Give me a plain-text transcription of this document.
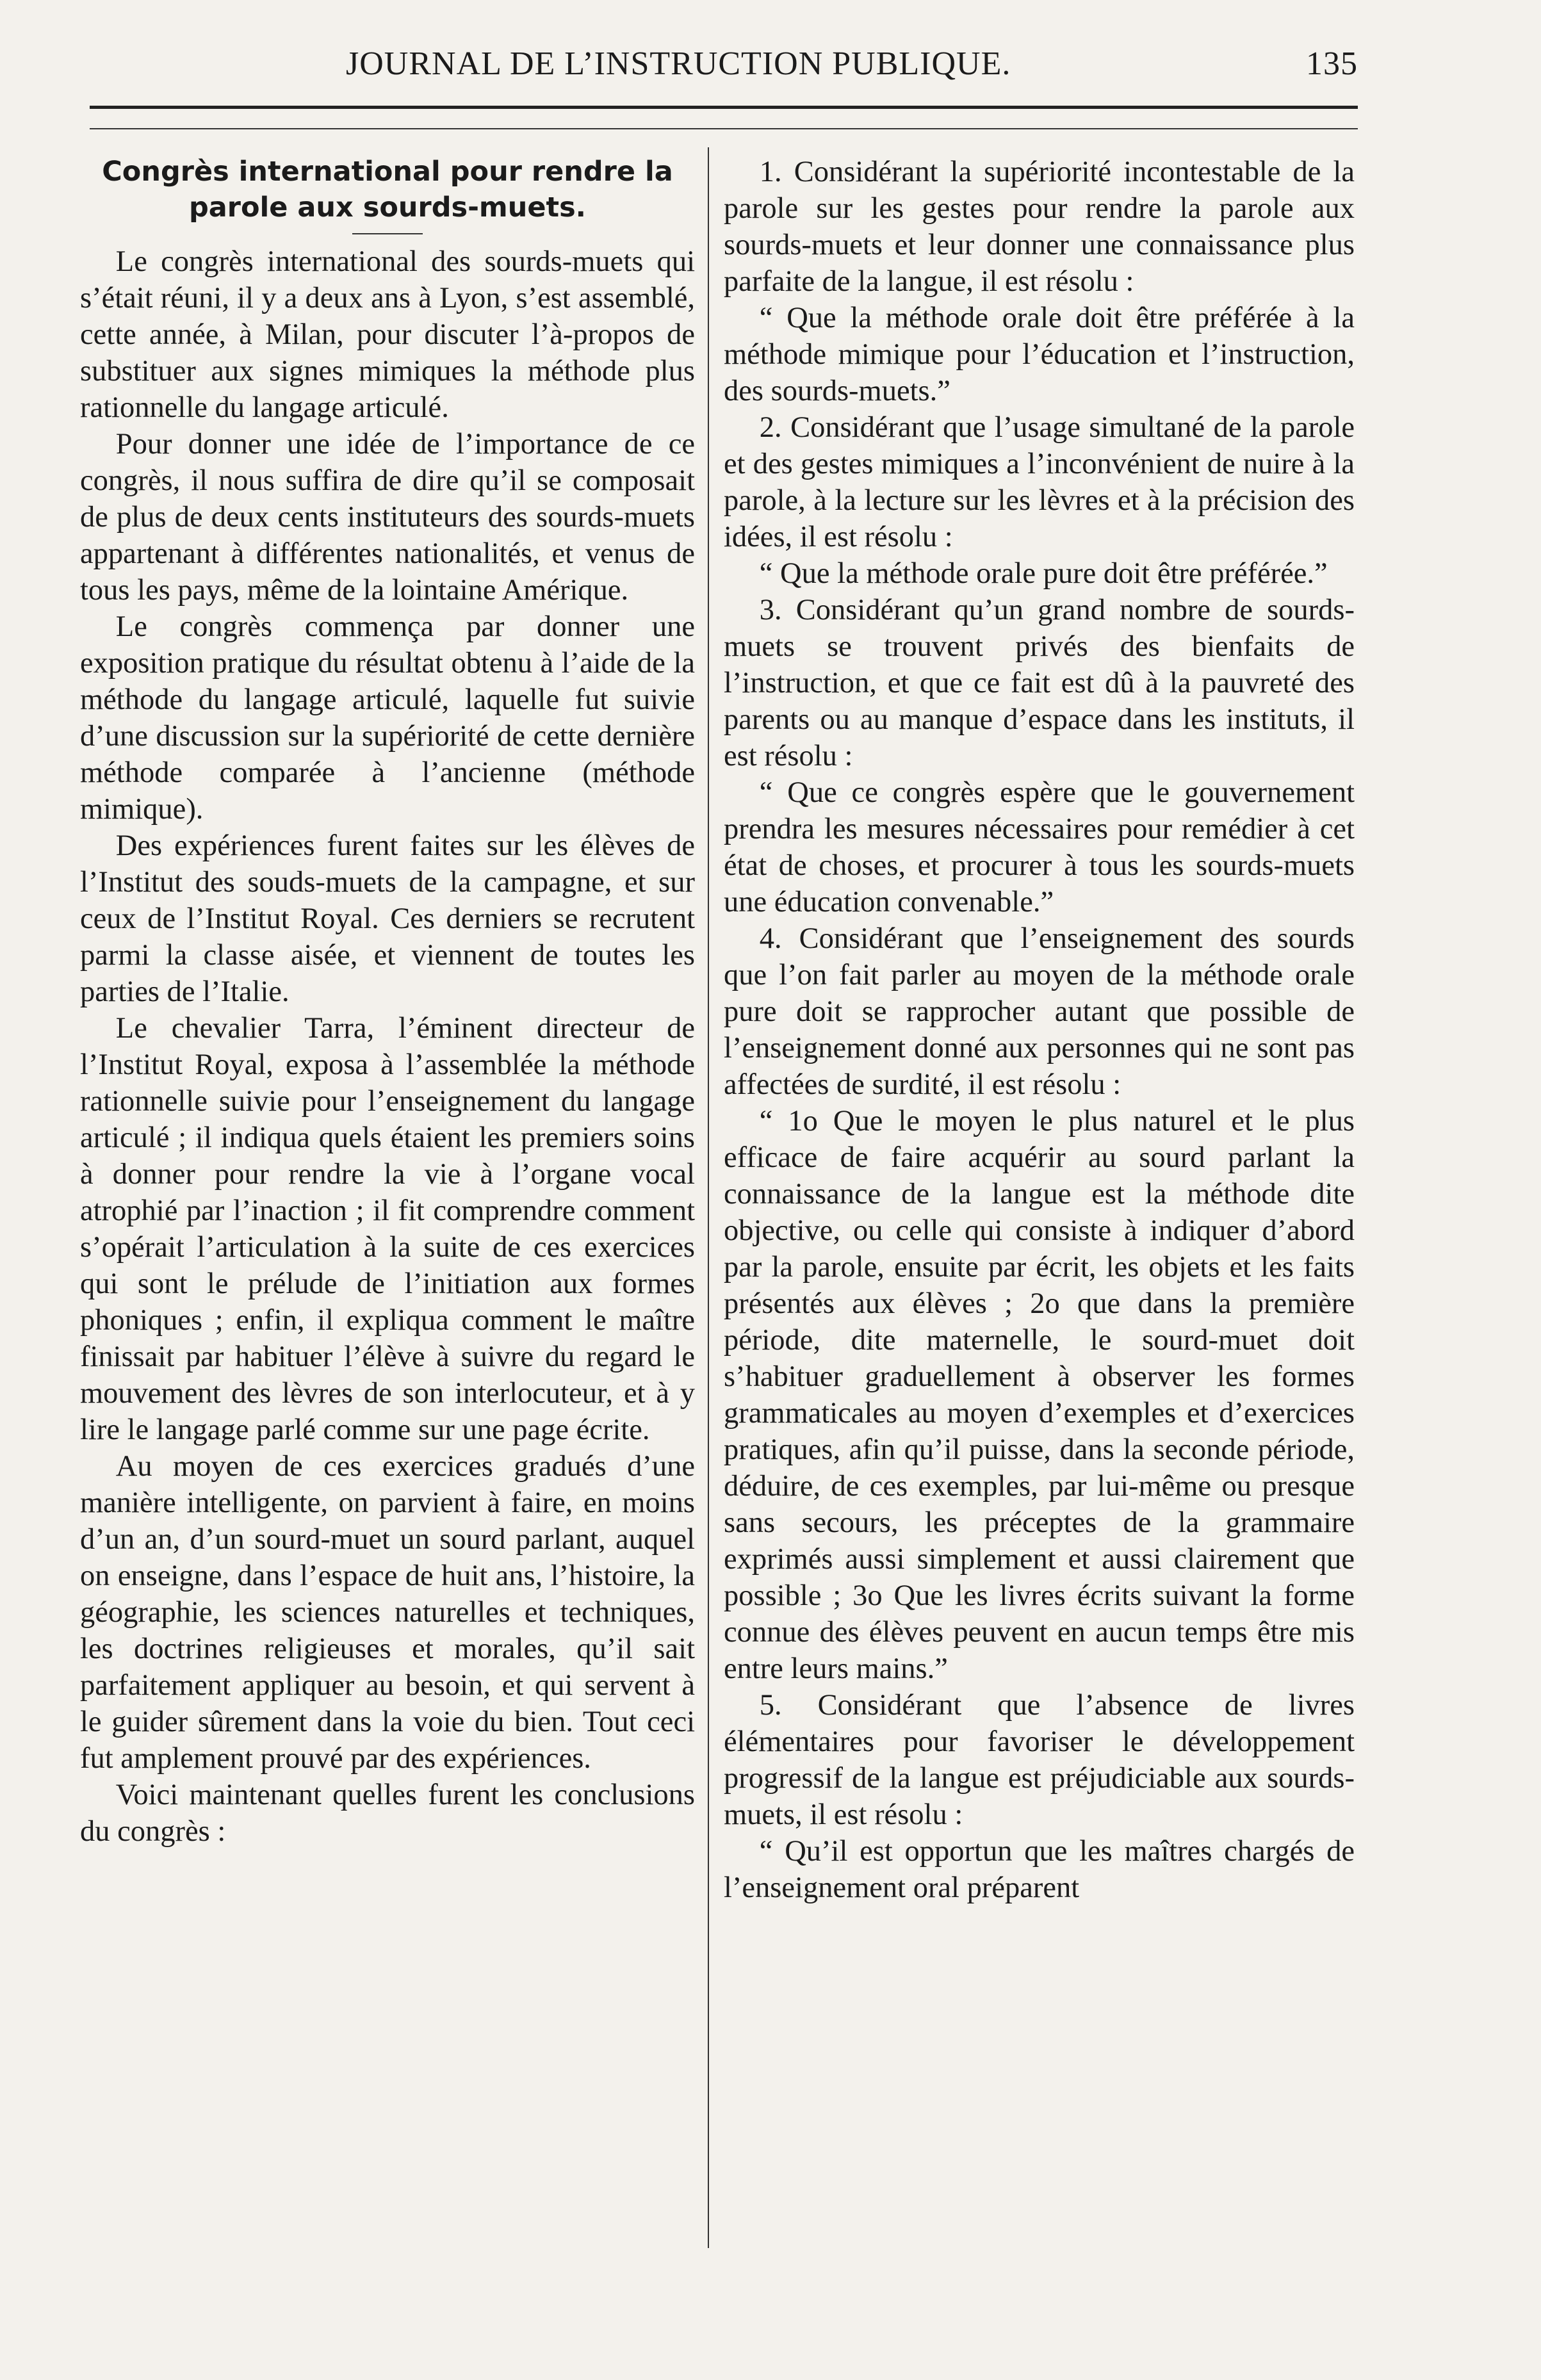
JOURNAL DE L’INSTRUCTION PUBLIQUE.	135
Congrès international pour rendre la parole aux sourds-muets.

Le congrès international des sourds-muets qui s’était réuni, il y a deux ans à Lyon, s’est assemblé, cette année, à Milan, pour discuter l’à-propos de substituer aux signes mimiques la méthode plus rationnelle du langage articulé.

Pour donner une idée de l’importance de ce congrès, il nous suffira de dire qu’il se composait de plus de deux cents instituteurs des sourds-muets appartenant à différentes nationalités, et venus de tous les pays, même de la lointaine Amérique.

Le congrès commença par donner une exposition pratique du résultat obtenu à l’aide de la méthode du langage articulé, laquelle fut suivie d’une discussion sur la supériorité de cette dernière méthode comparée à l’ancienne (méthode mimique).

Des expériences furent faites sur les élèves de l’Institut des souds-muets de la campagne, et sur ceux de l’Institut Royal. Ces derniers se recrutent parmi la classe aisée, et viennent de toutes les parties de l’Italie.

Le chevalier Tarra, l’éminent directeur de l’Institut Royal, exposa à l’assemblée la méthode rationnelle suivie pour l’enseignement du langage articulé ; il indiqua quels étaient les premiers soins à donner pour rendre la vie à l’organe vocal atrophié par l’inaction ; il fit comprendre comment s’opérait l’articulation à la suite de ces exercices qui sont le prélude de l’initiation aux formes phoniques ; enfin, il expliqua comment le maître finissait par habituer l’élève à suivre du regard le mouvement des lèvres de son interlocuteur, et à y lire le langage parlé comme sur une page écrite.

Au moyen de ces exercices gradués d’une manière intelligente, on parvient à faire, en moins d’un an, d’un sourd-muet un sourd parlant, auquel on enseigne, dans l’espace de huit ans, l’histoire, la géographie, les sciences naturelles et techniques, les doctrines religieuses et morales, qu’il sait parfaitement appliquer au besoin, et qui servent à le guider sûrement dans la voie du bien. Tout ceci fut amplement prouvé par des expériences.

Voici maintenant quelles furent les conclusions du congrès :

1. Considérant la supériorité incontestable de la parole sur les gestes pour rendre la parole aux sourds-muets et leur donner une connaissance plus parfaite de la langue, il est résolu :

“ Que la méthode orale doit être préférée à la méthode mimique pour l’éducation et l’instruction, des sourds-muets.”

2. Considérant que l’usage simultané de la parole et des gestes mimiques a l’inconvénient de nuire à la parole, à la lecture sur les lèvres et à la précision des idées, il est résolu :

“ Que la méthode orale pure doit être préférée.”

3. Considérant qu’un grand nombre de sourds-muets se trouvent privés des bienfaits de l’instruction, et que ce fait est dû à la pauvreté des parents ou au manque d’espace dans les instituts, il est résolu :

“ Que ce congrès espère que le gouvernement prendra les mesures nécessaires pour remédier à cet état de choses, et procurer à tous les sourds-muets une éducation convenable.”

4. Considérant que l’enseignement des sourds que l’on fait parler au moyen de la méthode orale pure doit se rapprocher autant que possible de l’enseignement donné aux personnes qui ne sont pas affectées de surdité, il est résolu :

“ 1o Que le moyen le plus naturel et le plus efficace de faire acquérir au sourd parlant la connaissance de la langue est la méthode dite objective, ou celle qui consiste à indiquer d’abord par la parole, ensuite par écrit, les objets et les faits présentés aux élèves ; 2o que dans la première période, dite maternelle, le sourd-muet doit s’habituer graduellement à observer les formes grammaticales au moyen d’exemples et d’exercices pratiques, afin qu’il puisse, dans la seconde période, déduire, de ces exemples, par lui-même ou presque sans secours, les préceptes de la grammaire exprimés aussi simplement et aussi clairement que possible ; 3o Que les livres écrits suivant la forme connue des élèves peuvent en aucun temps être mis entre leurs mains.”

5. Considérant que l’absence de livres élémentaires pour favoriser le développement progressif de la langue est préjudiciable aux sourds-muets, il est résolu :

“ Qu’il est opportun que les maîtres chargés de l’enseignement oral préparent
